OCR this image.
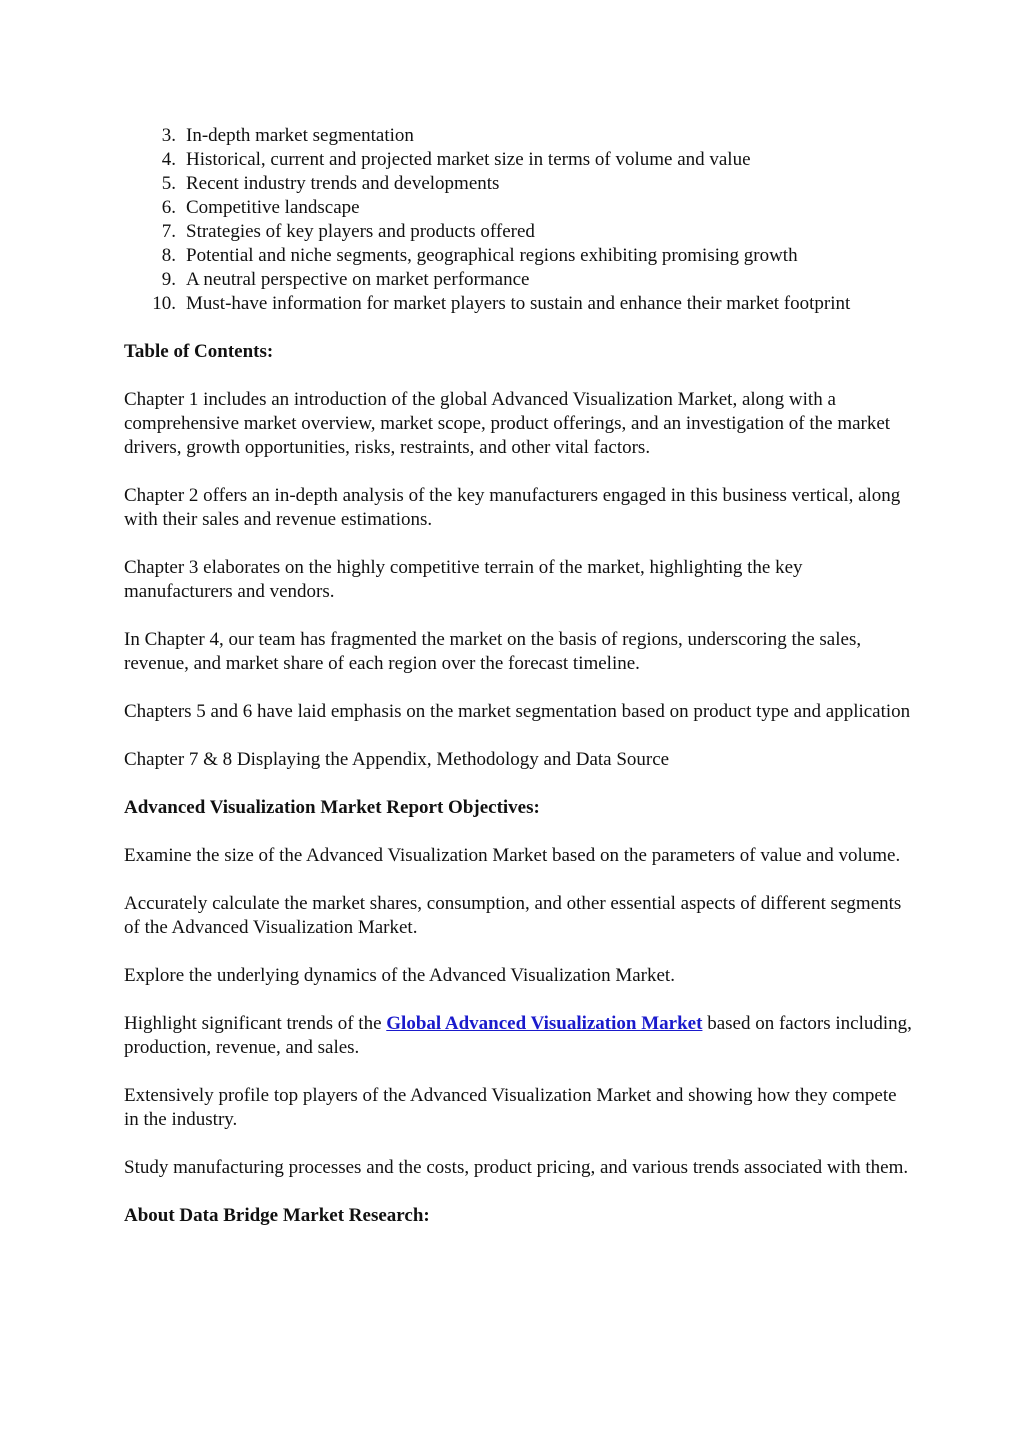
3. In-depth market segmentation
4. Historical, current and projected market size in terms of volume and value
5. Recent industry trends and developments
6. Competitive landscape
7. Strategies of key players and products offered
8. Potential and niche segments, geographical regions exhibiting promising growth
9. A neutral perspective on market performance
10. Must-have information for market players to sustain and enhance their market footprint
Table of Contents:

Chapter 1 includes an introduction of the global Advanced Visualization Market, along with a comprehensive market overview, market scope, product offerings, and an investigation of the market drivers, growth opportunities, risks, restraints, and other vital factors.

Chapter 2 offers an in-depth analysis of the key manufacturers engaged in this business vertical, along with their sales and revenue estimations.

Chapter 3 elaborates on the highly competitive terrain of the market, highlighting the key manufacturers and vendors.

In Chapter 4, our team has fragmented the market on the basis of regions, underscoring the sales, revenue, and market share of each region over the forecast timeline.

Chapters 5 and 6 have laid emphasis on the market segmentation based on product type and application

Chapter 7 & 8 Displaying the Appendix, Methodology and Data Source

Advanced Visualization Market Report Objectives:

Examine the size of the Advanced Visualization Market based on the parameters of value and volume.

Accurately calculate the market shares, consumption, and other essential aspects of different segments of the Advanced Visualization Market.

Explore the underlying dynamics of the Advanced Visualization Market.

Highlight significant trends of the Global Advanced Visualization Market based on factors including, production, revenue, and sales.

Extensively profile top players of the Advanced Visualization Market and showing how they compete in the industry.

Study manufacturing processes and the costs, product pricing, and various trends associated with them.

About Data Bridge Market Research:
